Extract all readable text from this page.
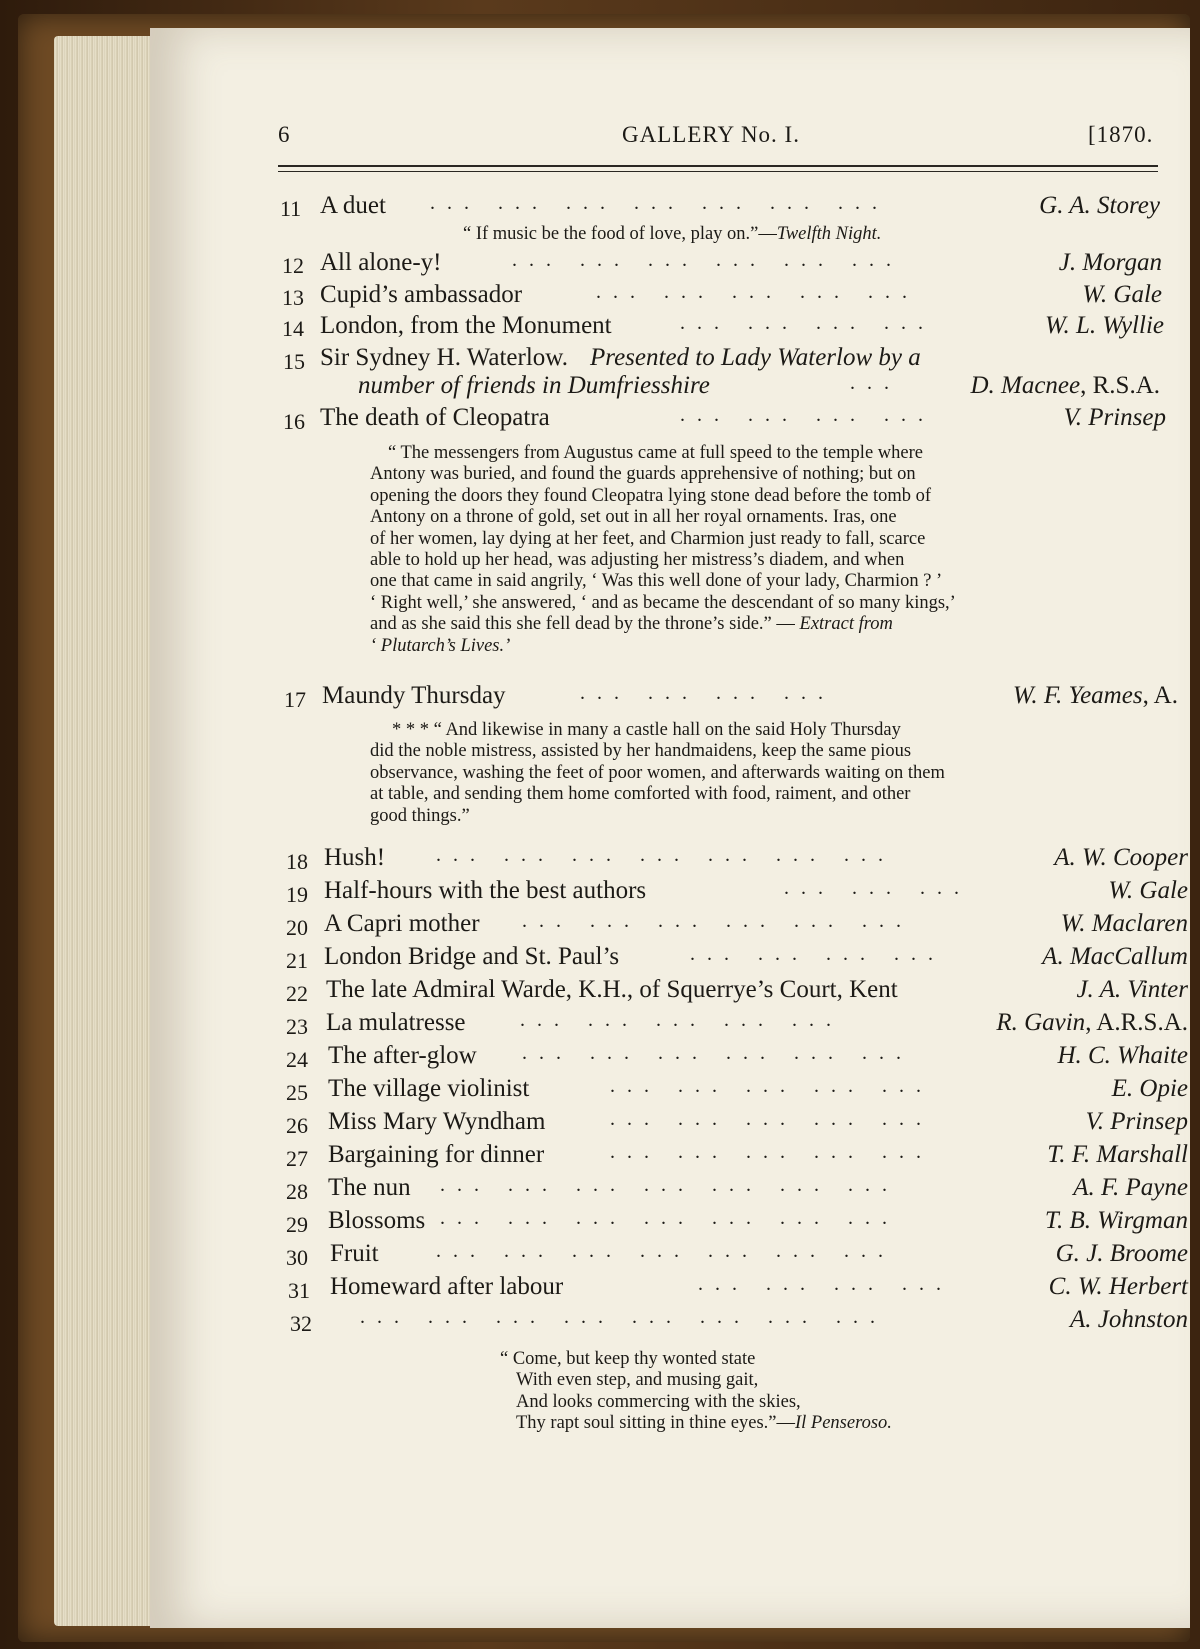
6	GALLERY No. I.	[1870.
11 A duet ... ... ... ... ... ... ...	G. A. Storey
“ If music be the food of love, play on.”—Twelfth Night.
12 All alone-y!	... ... ... ... ... ...	J. Morgan
13 Cupid’s ambassador	... ... ... ... ...	W. Gale
14 London, from the Monument	... ... ... ...	W. L. Wyllie
15 Sir Sydney H. Waterlow. Presented to Lady Waterlow by a
number of friends in Dumfriesshire	...	D. Macnee, R.S.A.
16 The death of Cleopatra	... ... ... ...	V. Prinsep
“ The messengers from Augustus came at full speed to the temple where
Antony was buried, and found the guards apprehensive of nothing; but on
opening the doors they found Cleopatra lying stone dead before the tomb of
Antony on a throne of gold, set out in all her royal ornaments. Iras, one
of her women, lay dying at her feet, and Charmion just ready to fall, scarce
able to hold up her head, was adjusting her mistress’s diadem, and when
one that came in said angrily, ‘ Was this well done of your lady, Charmion ? ’
‘ Right well,’ she answered, ‘ and as became the descendant of so many kings,’
and as she said this she fell dead by the throne’s side.” — Extract from
‘ Plutarch’s Lives.’
17 Maundy Thursday	... ... ... ...	W. F. Yeames, A.
* * * “ And likewise in many a castle hall on the said Holy Thursday
did the noble mistress, assisted by her handmaidens, keep the same pious
observance, washing the feet of poor women, and afterwards waiting on them
at table, and sending them home comforted with food, raiment, and other
good things.”
18 Hush!	... ... ... ... ... ... ...	A. W. Cooper
19 Half-hours with the best authors	... ... ...	W. Gale
20 A Capri mother ... ... ... ... ... ...	W. Maclaren
21 London Bridge and St. Paul’s	... ... ... ...	A. MacCallum
22 The late Admiral Warde, K.H., of Squerrye’s Court, Kent	J. A. Vinter
23 La mulatresse	... ... ... ... ...	R. Gavin, A.R.S.A.
24 The after-glow ... ... ... ... ... ...	H. C. Whaite
25 The village violinist	... ... ... ... ...	E. Opie
26 Miss Mary Wyndham	... ... ... ... ...	V. Prinsep
27 Bargaining for dinner	... ... ... ... ...	T. F. Marshall
28 The nun ... ... ... ... ... ... ...	A. F. Payne
29 Blossoms ... ... ... ... ... ... ...	T. B. Wirgman
30 Fruit	... ... ... ... ... ... ...	G. J. Broome
31 Homeward after labour	... ... ... ...	C. W. Herbert
32 ... ... ... ... ... ... ... ...	A. Johnston
“ Come, but keep thy wonted state
With even step, and musing gait,
And looks commercing with the skies,
Thy rapt soul sitting in thine eyes.”—Il Penseroso.
